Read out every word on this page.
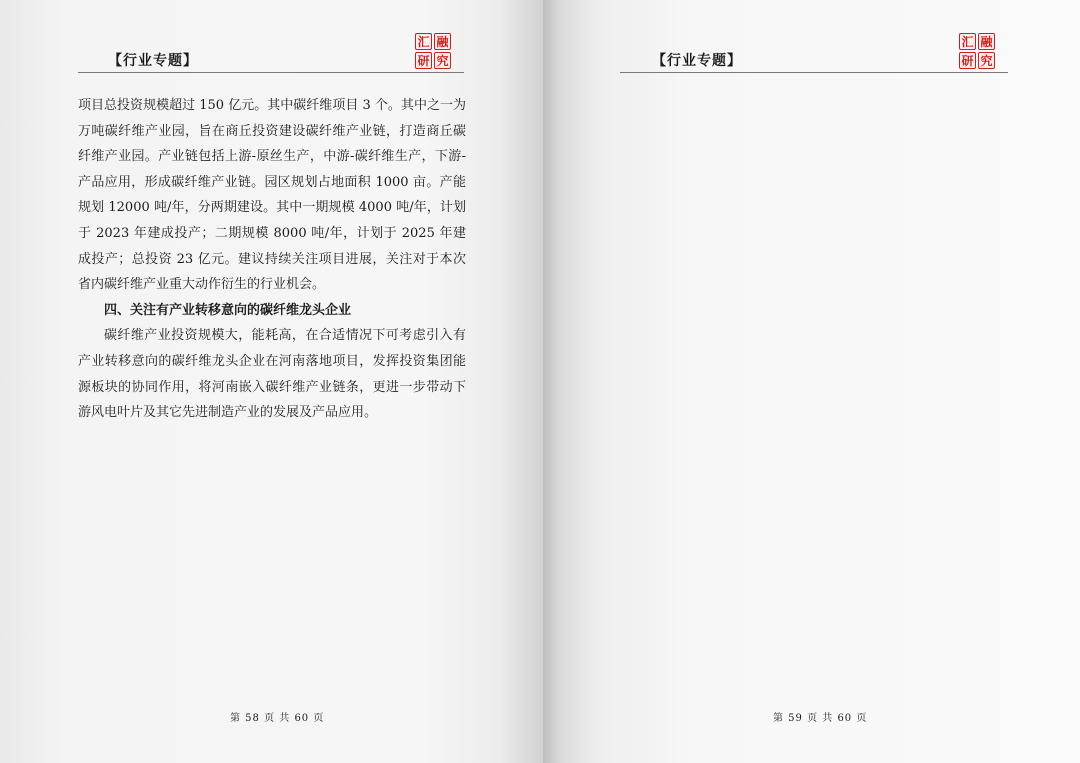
【行业专题】
汇 融
研 究

项目总投资规模超过 150 亿元。其中碳纤维项目 3 个。其中之一为万吨碳纤维产业园，旨在商丘投资建设碳纤维产业链，打造商丘碳纤维产业园。产业链包括上游-原丝生产，中游-碳纤维生产，下游-产品应用，形成碳纤维产业链。园区规划占地面积 1000 亩。产能规划 12000 吨/年，分两期建设。其中一期规模 4000 吨/年，计划于 2023 年建成投产；二期规模 8000 吨/年，计划于 2025 年建成投产；总投资 23 亿元。建议持续关注项目进展，关注对于本次省内碳纤维产业重大动作衍生的行业机会。

四、关注有产业转移意向的碳纤维龙头企业

碳纤维产业投资规模大，能耗高，在合适情况下可考虑引入有产业转移意向的碳纤维龙头企业在河南落地项目，发挥投资集团能源板块的协同作用，将河南嵌入碳纤维产业链条，更进一步带动下游风电叶片及其它先进制造产业的发展及产品应用。

第 58 页 共 60 页
【行业专题】
汇 融
研 究
第 59 页 共 60 页
